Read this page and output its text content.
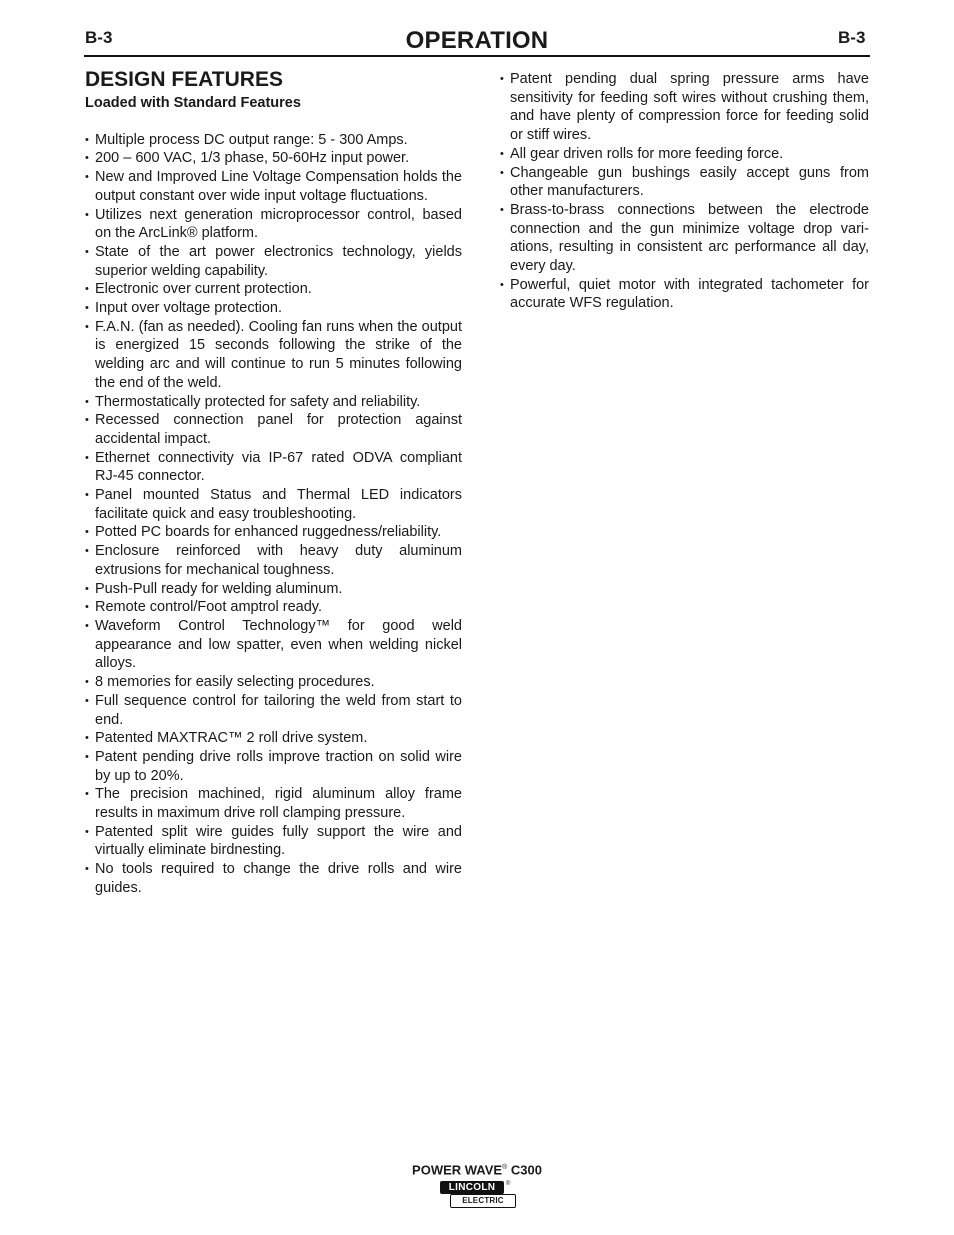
B-3	OPERATION	B-3
DESIGN FEATURES

Loaded with Standard Features

• Multiple process DC output range: 5 - 300 Amps.
• 200 – 600 VAC, 1/3 phase, 50-60Hz input power.
• New and Improved Line Voltage Compensation holds the output constant over wide input voltage fluctuations.
• Utilizes next generation microprocessor control, based on the ArcLink® platform.
• State of the art power electronics technology, yields superior welding capability.
• Electronic over current protection.
• Input over voltage protection.
• F.A.N. (fan as needed). Cooling fan runs when the output is energized 15 seconds following the strike of the welding arc and will continue to run 5 minutes following the end of the weld.
• Thermostatically protected for safety and reliability.
• Recessed connection panel for protection against accidental impact.
• Ethernet connectivity via IP-67 rated ODVA compliant RJ-45 connector.
• Panel mounted Status and Thermal LED indicators facilitate quick and easy troubleshooting.
• Potted PC boards for enhanced ruggedness/reliability.
• Enclosure reinforced with heavy duty aluminum extrusions for mechanical toughness.
• Push-Pull ready for welding aluminum.
• Remote control/Foot amptrol ready.
• Waveform Control Technology™ for good weld appearance and low spatter, even when welding nickel alloys.
• 8 memories for easily selecting procedures.
• Full sequence control for tailoring the weld from start to end.
• Patented MAXTRAC™ 2 roll drive system.
• Patent pending drive rolls improve traction on solid wire by up to 20%.
• The precision machined, rigid aluminum alloy frame results in maximum drive roll clamping pressure.
• Patented split wire guides fully support the wire and virtually eliminate birdnesting.
• No tools required to change the drive rolls and wire guides.
• Patent pending dual spring pressure arms have sensitivity for feeding soft wires without crushing them, and have plenty of compression force for feeding solid or stiff wires.
• All gear driven rolls for more feeding force.
• Changeable gun bushings easily accept guns from other manufacturers.
• Brass-to-brass connections between the electrode connection and the gun minimize voltage drop variations, resulting in consistent arc performance all day, every day.
• Powerful, quiet motor with integrated tachometer for accurate WFS regulation.
POWER WAVE® C300
LINCOLN
ELECTRIC
®
